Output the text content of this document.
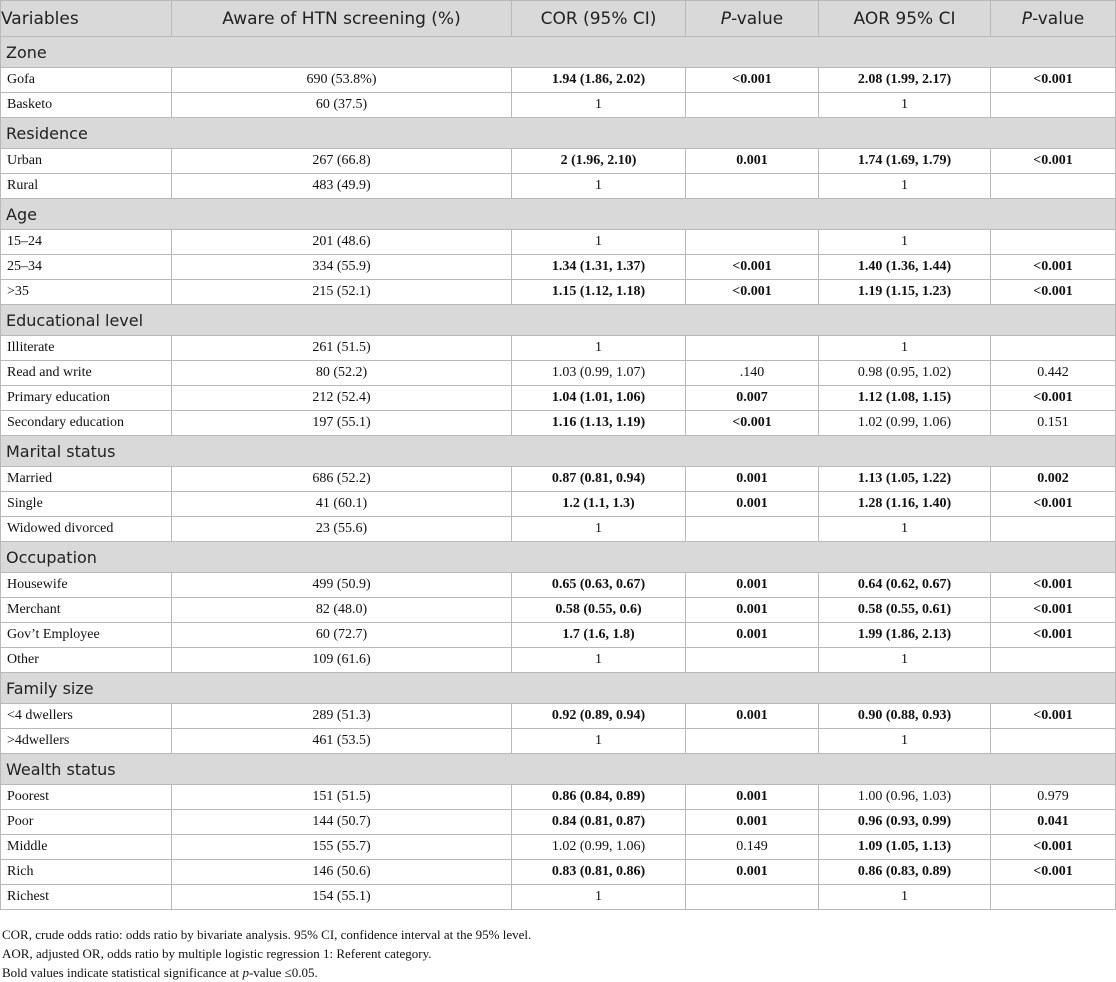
Variables	Aware of HTN screening (%)	COR (95% CI)	P-value	AOR 95% CI	P-value
Zone					
Gofa	690 (53.8%)	1.94 (1.86, 2.02)	<0.001	2.08 (1.99, 2.17)	<0.001
Basketo	60 (37.5)	1		1	
Residence					
Urban	267 (66.8)	2 (1.96, 2.10)	0.001	1.74 (1.69, 1.79)	<0.001
Rural	483 (49.9)	1		1	
Age					
15–24	201 (48.6)	1		1	
25–34	334 (55.9)	1.34 (1.31, 1.37)	<0.001	1.40 (1.36, 1.44)	<0.001
>35	215 (52.1)	1.15 (1.12, 1.18)	<0.001	1.19 (1.15, 1.23)	<0.001
Educational level					
Illiterate	261 (51.5)	1		1	
Read and write	80 (52.2)	1.03 (0.99, 1.07)	.140	0.98 (0.95, 1.02)	0.442
Primary education	212 (52.4)	1.04 (1.01, 1.06)	0.007	1.12 (1.08, 1.15)	<0.001
Secondary education	197 (55.1)	1.16 (1.13, 1.19)	<0.001	1.02 (0.99, 1.06)	0.151
Marital status					
Married	686 (52.2)	0.87 (0.81, 0.94)	0.001	1.13 (1.05, 1.22)	0.002
Single	41 (60.1)	1.2 (1.1, 1.3)	0.001	1.28 (1.16, 1.40)	<0.001
Widowed divorced	23 (55.6)	1		1	
Occupation					
Housewife	499 (50.9)	0.65 (0.63, 0.67)	0.001	0.64 (0.62, 0.67)	<0.001
Merchant	82 (48.0)	0.58 (0.55, 0.6)	0.001	0.58 (0.55, 0.61)	<0.001
Gov’t Employee	60 (72.7)	1.7 (1.6, 1.8)	0.001	1.99 (1.86, 2.13)	<0.001
Other	109 (61.6)	1		1	
Family size					
<4 dwellers	289 (51.3)	0.92 (0.89, 0.94)	0.001	0.90 (0.88, 0.93)	<0.001
>4dwellers	461 (53.5)	1		1	
Wealth status					
Poorest	151 (51.5)	0.86 (0.84, 0.89)	0.001	1.00 (0.96, 1.03)	0.979
Poor	144 (50.7)	0.84 (0.81, 0.87)	0.001	0.96 (0.93, 0.99)	0.041
Middle	155 (55.7)	1.02 (0.99, 1.06)	0.149	1.09 (1.05, 1.13)	<0.001
Rich	146 (50.6)	0.83 (0.81, 0.86)	0.001	0.86 (0.83, 0.89)	<0.001
Richest	154 (55.1)	1		1	
COR, crude odds ratio: odds ratio by bivariate analysis. 95% CI, confidence interval at the 95% level.
AOR, adjusted OR, odds ratio by multiple logistic regression 1: Referent category.
Bold values indicate statistical significance at p-value ≤0.05.
